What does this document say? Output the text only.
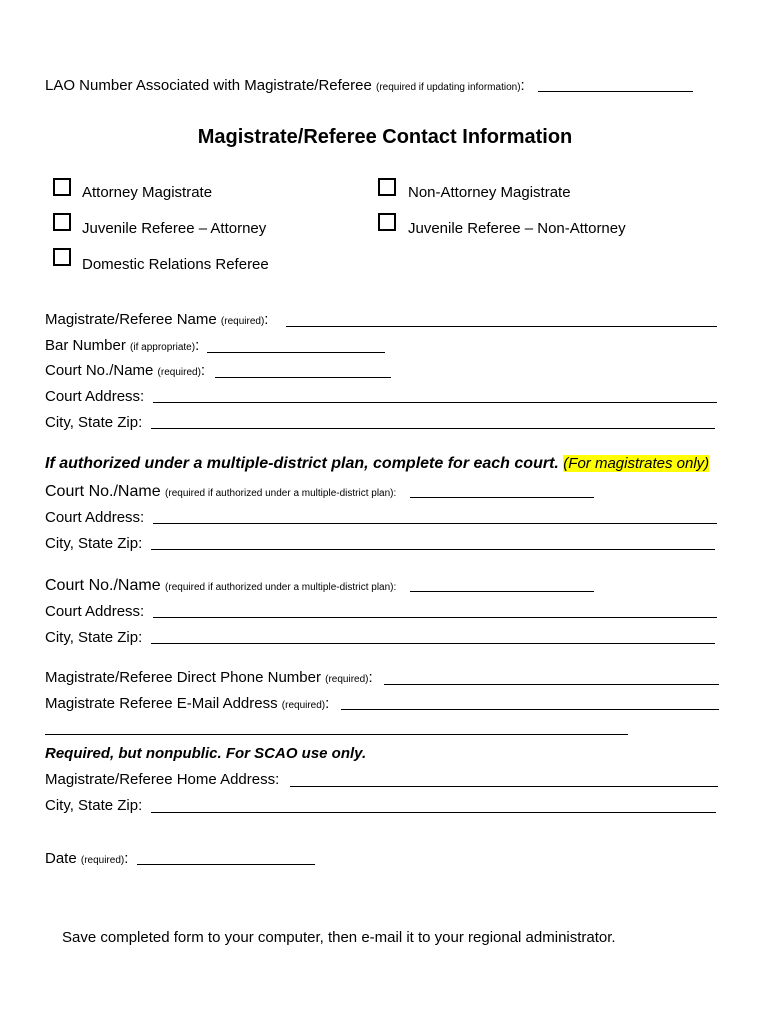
LAO Number Associated with Magistrate/Referee (required if updating information):
Magistrate/Referee Contact Information
Attorney Magistrate	Non-Attorney Magistrate
Juvenile Referee – Attorney	Juvenile Referee – Non-Attorney
Domestic Relations Referee
Magistrate/Referee Name (required):
Bar Number (if appropriate):
Court No./Name (required):
Court Address:
City, State Zip:
If authorized under a multiple-district plan, complete for each court. (For magistrates only)
Court No./Name (required if authorized under a multiple-district plan):
Court Address:
City, State Zip:
Court No./Name (required if authorized under a multiple-district plan):
Court Address:
City, State Zip:
Magistrate/Referee Direct Phone Number (required):
Magistrate Referee E-Mail Address (required):
Required, but nonpublic. For SCAO use only.
Magistrate/Referee Home Address:
City, State Zip:
Date (required):
Save completed form to your computer, then e-mail it to your regional administrator.
